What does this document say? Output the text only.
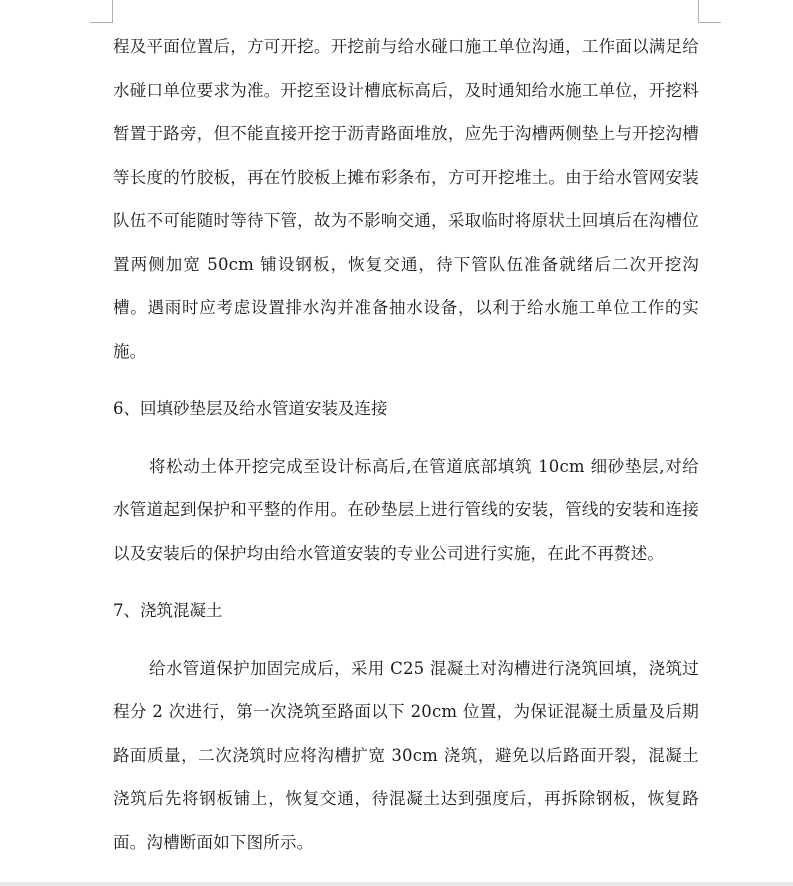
程及平面位置后，方可开挖。开挖前与给水碰口施工单位沟通，工作面以满足给水碰口单位要求为准。开挖至设计槽底标高后，及时通知给水施工单位，开挖料暂置于路旁，但不能直接开挖于沥青路面堆放，应先于沟槽两侧垫上与开挖沟槽等长度的竹胶板，再在竹胶板上摊布彩条布，方可开挖堆土。由于给水管网安装队伍不可能随时等待下管，故为不影响交通，采取临时将原状土回填后在沟槽位置两侧加宽 50cm 铺设钢板，恢复交通，待下管队伍准备就绪后二次开挖沟槽。遇雨时应考虑设置排水沟并准备抽水设备，以利于给水施工单位工作的实施。

6、回填砂垫层及给水管道安装及连接

将松动土体开挖完成至设计标高后,在管道底部填筑 10cm 细砂垫层,对给水管道起到保护和平整的作用。在砂垫层上进行管线的安装，管线的安装和连接以及安装后的保护均由给水管道安装的专业公司进行实施，在此不再赘述。

7、浇筑混凝土

给水管道保护加固完成后，采用 C25 混凝土对沟槽进行浇筑回填，浇筑过程分 2 次进行，第一次浇筑至路面以下 20cm 位置，为保证混凝土质量及后期路面质量，二次浇筑时应将沟槽扩宽 30cm 浇筑，避免以后路面开裂，混凝土浇筑后先将钢板铺上，恢复交通，待混凝土达到强度后，再拆除钢板，恢复路面。沟槽断面如下图所示。
